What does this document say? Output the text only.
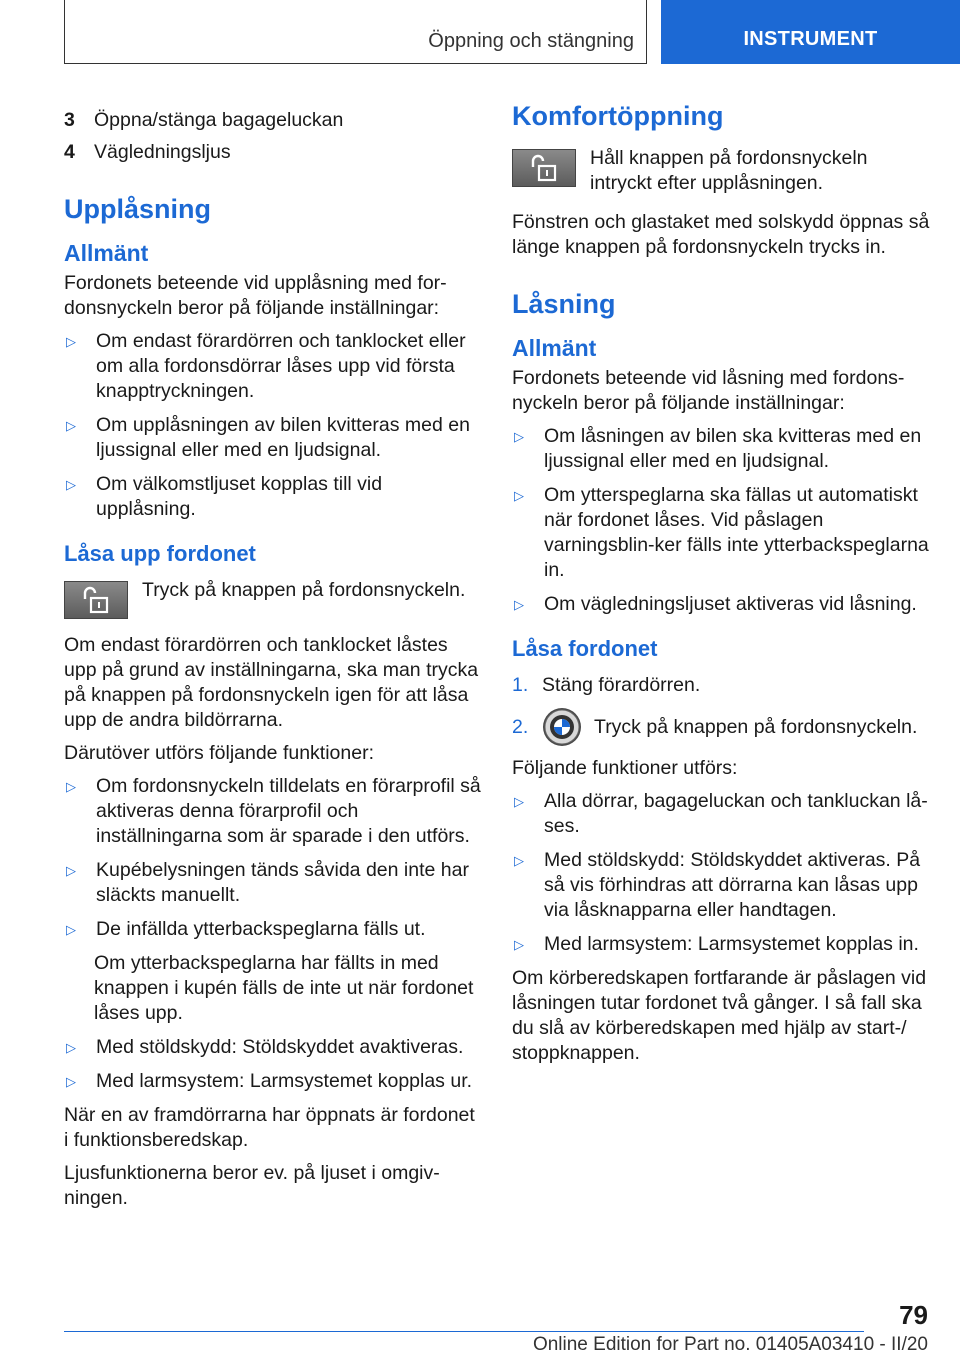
Öppning och stängning	INSTRUMENT
3 Öppna/stänga bagageluckan
4 Vägledningsljus
Upplåsning
Allmänt
Fordonets beteende vid upplåsning med for-donsnyckeln beror på följande inställningar:
▷	Om endast förardörren och tanklocket eller om alla fordonsdörrar låses upp vid första knapptryckningen.
▷	Om upplåsningen av bilen kvitteras med en ljussignal eller med en ljudsignal.
▷	Om välkomstljuset kopplas till vid upplåsning.
Låsa upp fordonet
Tryck på knappen på fordonsnyckeln.
Om endast förardörren och tanklocket låstes upp på grund av inställningarna, ska man trycka på knappen på fordonsnyckeln igen för att låsa upp de andra bildörrarna.
Därutöver utförs följande funktioner:
▷	Om fordonsnyckeln tilldelats en förarprofil så aktiveras denna förarprofil och inställningarna som är sparade i den utförs.
▷	Kupébelysningen tänds såvida den inte har släckts manuellt.
▷	De infällda ytterbackspeglarna fälls ut.
Om ytterbackspeglarna har fällts in med knappen i kupén fälls de inte ut när fordonet låses upp.
▷	Med stöldskydd: Stöldskyddet avaktiveras.
▷	Med larmsystem: Larmsystemet kopplas ur.
När en av framdörrarna har öppnats är fordonet i funktionsberedskap.
Ljusfunktionerna beror ev. på ljuset i omgiv-ningen.
Komfortöppning
Håll knappen på fordonsnyckeln intryckt efter upplåsningen.
Fönstren och glastaket med solskydd öppnas så länge knappen på fordonsnyckeln trycks in.
Låsning
Allmänt
Fordonets beteende vid låsning med fordons-nyckeln beror på följande inställningar:
▷	Om låsningen av bilen ska kvitteras med en ljussignal eller med en ljudsignal.
▷	Om ytterspeglarna ska fällas ut automatiskt när fordonet låses. Vid påslagen varningsblin-ker fälls inte ytterbackspeglarna in.
▷	Om vägledningsljuset aktiveras vid låsning.
Låsa fordonet
1. Stäng förardörren.
2.	Tryck på knappen på fordonsnyckeln.
Följande funktioner utförs:
▷	Alla dörrar, bagageluckan och tankluckan lå-ses.
▷	Med stöldskydd: Stöldskyddet aktiveras. På så vis förhindras att dörrarna kan låsas upp via låsknapparna eller handtagen.
▷	Med larmsystem: Larmsystemet kopplas in.
Om körberedskapen fortfarande är påslagen vid låsningen tutar fordonet två gånger. I så fall ska du slå av körberedskapen med hjälp av start-/ stoppknappen.
79
Online Edition for Part no. 01405A03410 - II/20
